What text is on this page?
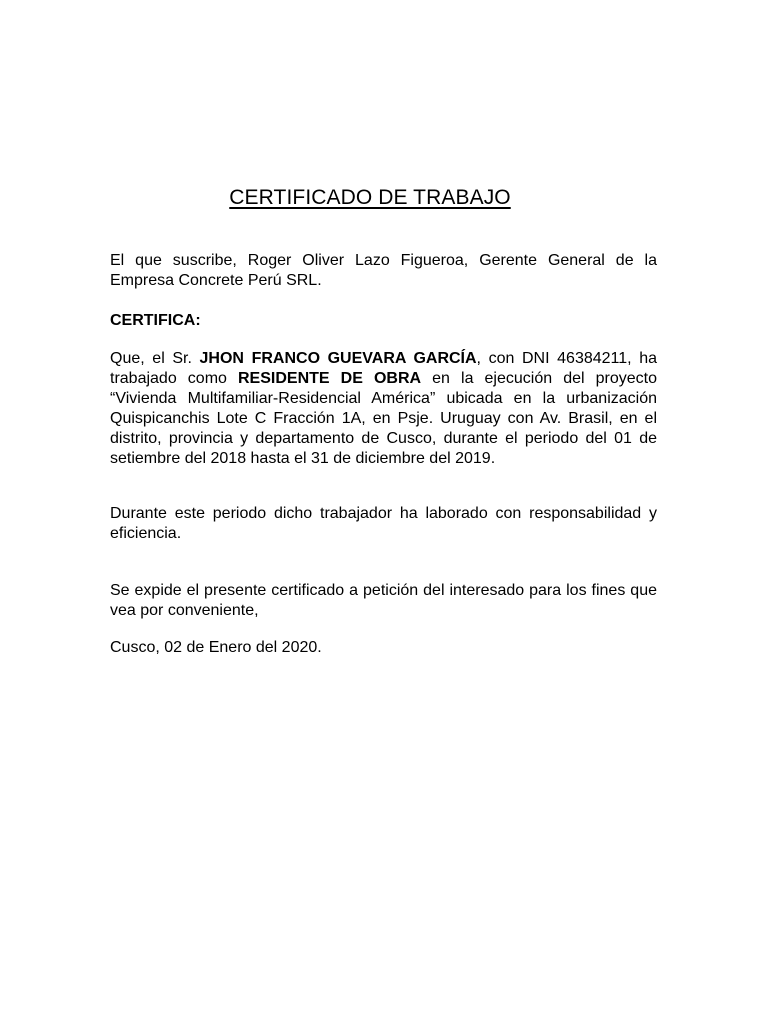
CERTIFICADO DE TRABAJO
El que suscribe, Roger Oliver Lazo Figueroa, Gerente General de la Empresa Concrete Perú SRL.
CERTIFICA:
Que, el Sr. JHON FRANCO GUEVARA GARCÍA, con DNI 46384211, ha trabajado como RESIDENTE DE OBRA en la ejecución del proyecto “Vivienda Multifamiliar-Residencial América” ubicada en la urbanización Quispicanchis Lote C Fracción 1A, en Psje. Uruguay con Av. Brasil, en el distrito, provincia y departamento de Cusco, durante el periodo del 01 de setiembre del 2018 hasta el 31 de diciembre del 2019.
Durante este periodo dicho trabajador ha laborado con responsabilidad y eficiencia.
Se expide el presente certificado a petición del interesado para los fines que vea por conveniente,
Cusco, 02 de Enero del 2020.
